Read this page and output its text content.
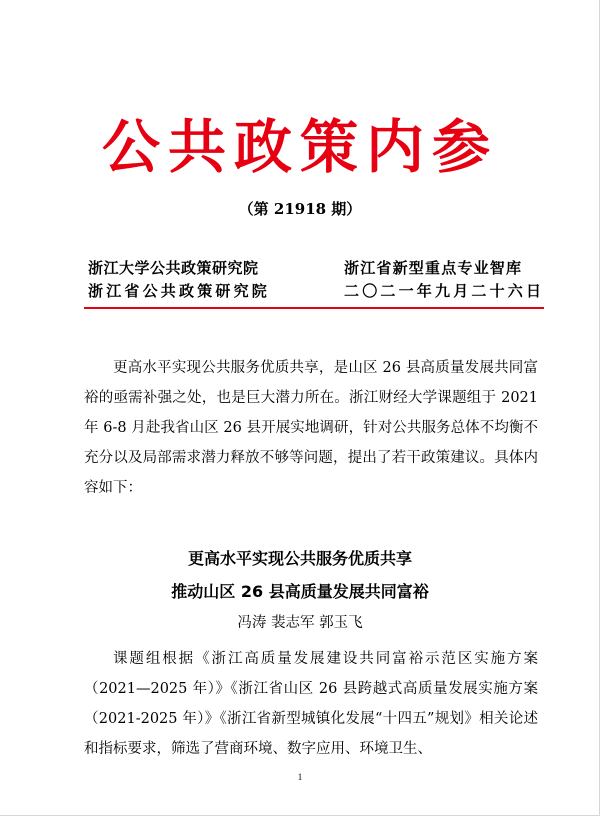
公共政策内参
（第 21918 期）
浙江大学公共政策研究院
浙江省公共政策研究院
浙江省新型重点专业智库
二〇二一年九月二十六日

更高水平实现公共服务优质共享，是山区 26 县高质量发展共同富裕的亟需补强之处，也是巨大潜力所在。浙江财经大学课题组于 2021 年 6-8 月赴我省山区 26 县开展实地调研，针对公共服务总体不均衡不充分以及局部需求潜力释放不够等问题，提出了若干政策建议。具体内容如下：

更高水平实现公共服务优质共享
推动山区 26 县高质量发展共同富裕
冯涛 裴志军 郭玉飞

课题组根据《浙江高质量发展建设共同富裕示范区实施方案（2021—2025 年）》《浙江省山区 26 县跨越式高质量发展实施方案（2021-2025 年）》《浙江省新型城镇化发展“十四五”规划》相关论述和指标要求，筛选了营商环境、数字应用、环境卫生、

1
